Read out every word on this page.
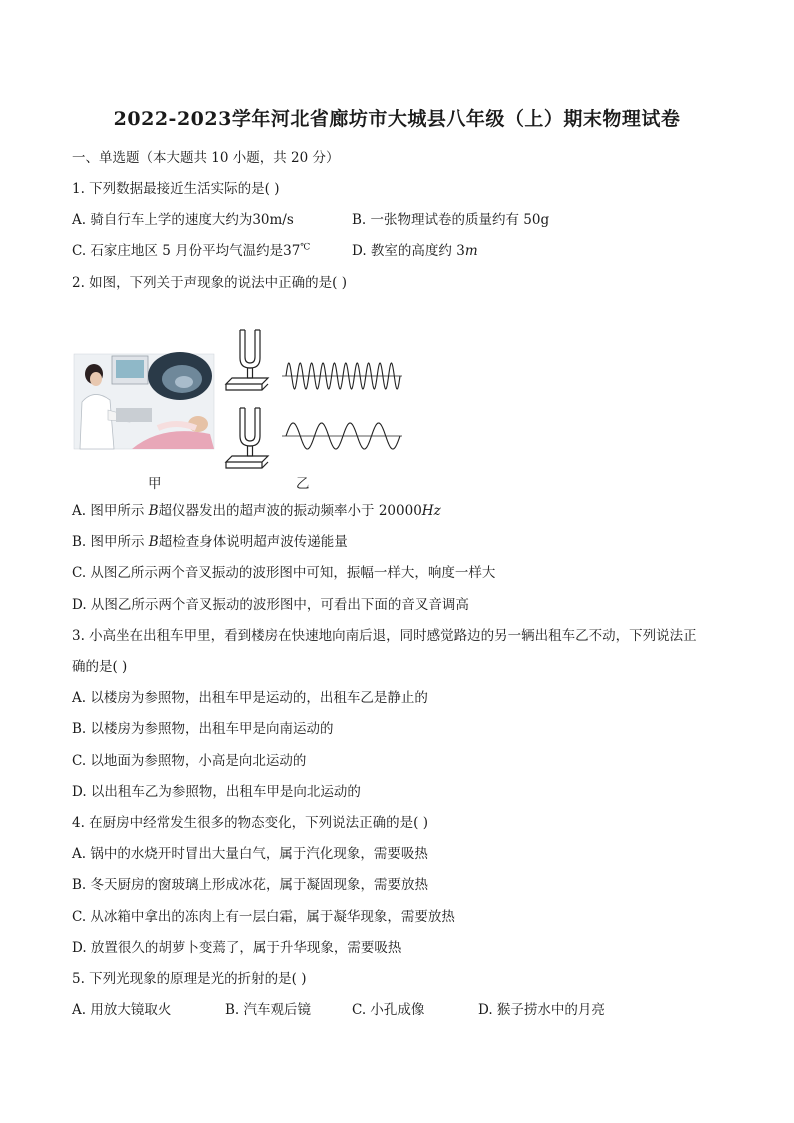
2022-2023学年河北省廊坊市大城县八年级（上）期末物理试卷
一、单选题（本大题共 10 小题，共 20 分）
1. 下列数据最接近生活实际的是( )
A. 骑自行车上学的速度大约为30m/s	B. 一张物理试卷的质量约有 50g
C. 石家庄地区 5 月份平均气温约是37℃	D. 教室的高度约 3m
2. 如图，下列关于声现象的说法中正确的是( )
甲	乙
A. 图甲所示 B超仪器发出的超声波的振动频率小于 20000Hz
B. 图甲所示 B超检查身体说明超声波传递能量
C. 从图乙所示两个音叉振动的波形图中可知，振幅一样大，响度一样大
D. 从图乙所示两个音叉振动的波形图中，可看出下面的音叉音调高
3. 小高坐在出租车甲里，看到楼房在快速地向南后退，同时感觉路边的另一辆出租车乙不动，下列说法正
确的是( )
A. 以楼房为参照物，出租车甲是运动的，出租车乙是静止的
B. 以楼房为参照物，出租车甲是向南运动的
C. 以地面为参照物，小高是向北运动的
D. 以出租车乙为参照物，出租车甲是向北运动的
4. 在厨房中经常发生很多的物态变化，下列说法正确的是( )
A. 锅中的水烧开时冒出大量白气，属于汽化现象，需要吸热
B. 冬天厨房的窗玻璃上形成冰花，属于凝固现象，需要放热
C. 从冰箱中拿出的冻肉上有一层白霜，属于凝华现象，需要放热
D. 放置很久的胡萝卜变蔫了，属于升华现象，需要吸热
5. 下列光现象的原理是光的折射的是( )
A. 用放大镜取火	B. 汽车观后镜	C. 小孔成像	D. 猴子捞水中的月亮
